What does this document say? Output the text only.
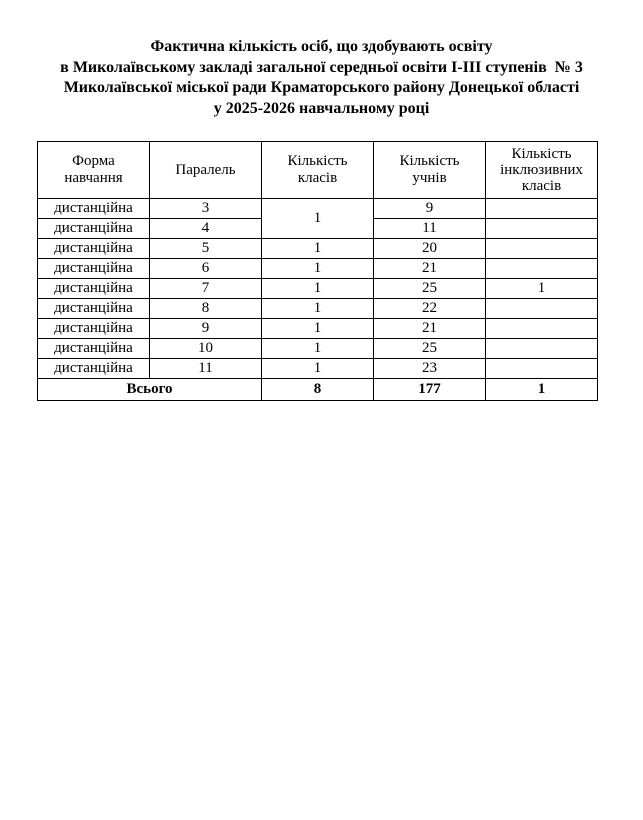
Фактична кількість осіб, що здобувають освіту
в Миколаївському закладі загальної середньої освіти І-ІІІ ступенів  № 3
Миколаївської міської ради Краматорського району Донецької області
у 2025-2026 навчальному році
Форма навчання	Паралель	Кількість класів	Кількість учнів	Кількість інклюзивних класів
дистанційна	3	1	9	
дистанційна	4		11	
дистанційна	5	1	20	
дистанційна	6	1	21	
дистанційна	7	1	25	1
дистанційна	8	1	22	
дистанційна	9	1	21	
дистанційна	10	1	25	
дистанційна	11	1	23	
Всього		8	177	1
